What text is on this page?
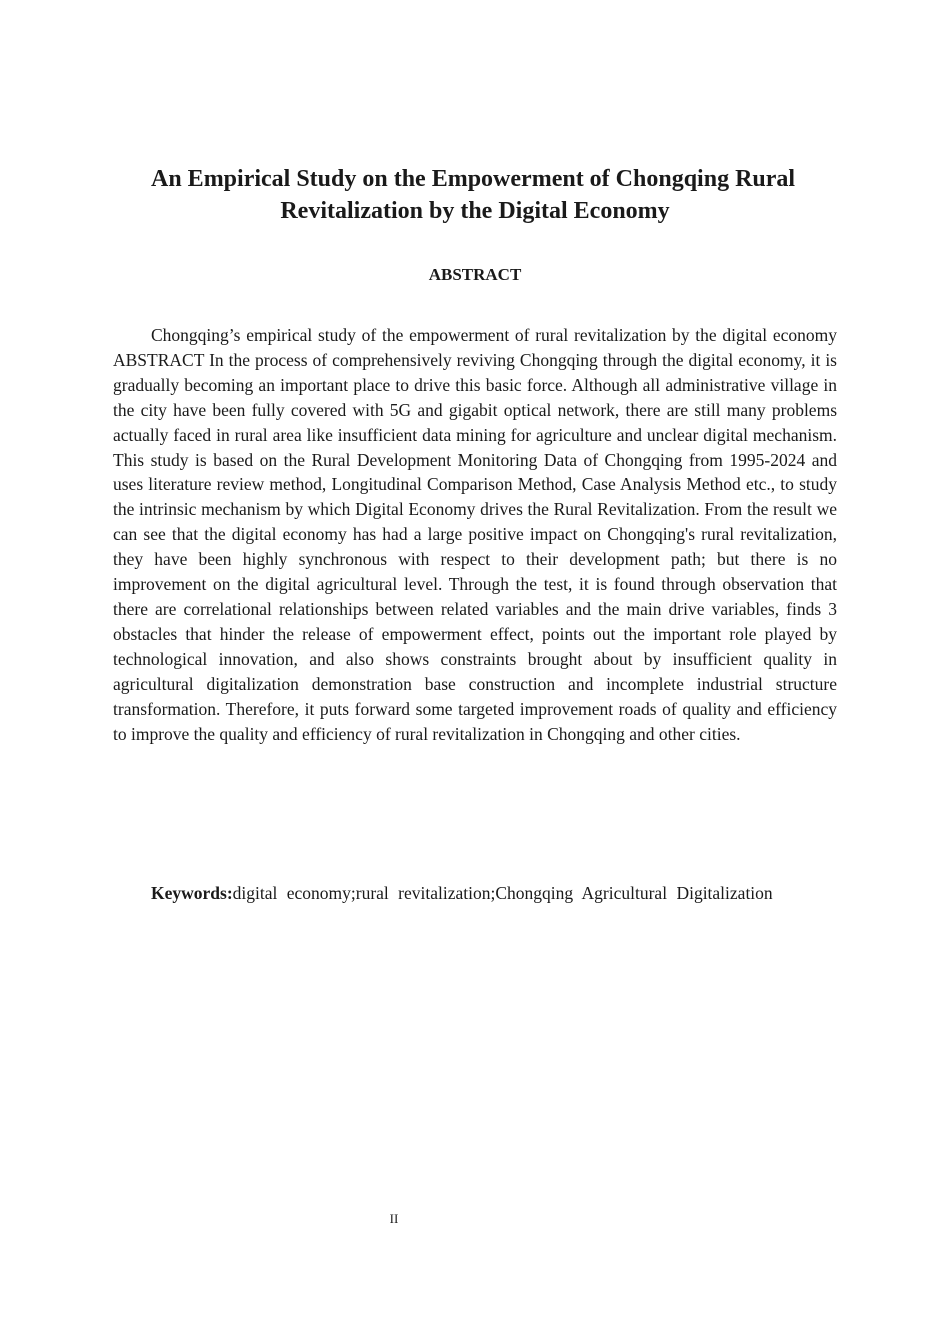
An Empirical Study on the Empowerment of Chongqing Rural
Revitalization by the Digital Economy
ABSTRACT

Chongqing’s empirical study of the empowerment of rural revitalization by the digital economy ABSTRACT In the process of comprehensively reviving Chongqing through the digital economy, it is gradually becoming an important place to drive this basic force. Although all administrative village in the city have been fully covered with 5G and gigabit optical network, there are still many problems actually faced in rural area like insufficient data mining for agriculture and unclear digital mechanism. This study is based on the Rural Development Monitoring Data of Chongqing from 1995-2024 and uses literature review method, Longitudinal Comparison Method, Case Analysis Method etc., to study the intrinsic mechanism by which Digital Economy drives the Rural Revitalization. From the result we can see that the digital economy has had a large positive impact on Chongqing's rural revitalization, they have been highly synchronous with respect to their development path; but there is no improvement on the digital agricultural level. Through the test, it is found through observation that there are correlational relationships between related variables and the main drive variables, finds 3 obstacles that hinder the release of empowerment effect, points out the important role played by technological innovation, and also shows constraints brought about by insufficient quality in agricultural digitalization demonstration base construction and incomplete industrial structure transformation. Therefore, it puts forward some targeted improvement roads of quality and efficiency to improve the quality and efficiency of rural revitalization in Chongqing and other cities.

Keywords:digital economy;rural revitalization;Chongqing Agricultural Digitalization

II
